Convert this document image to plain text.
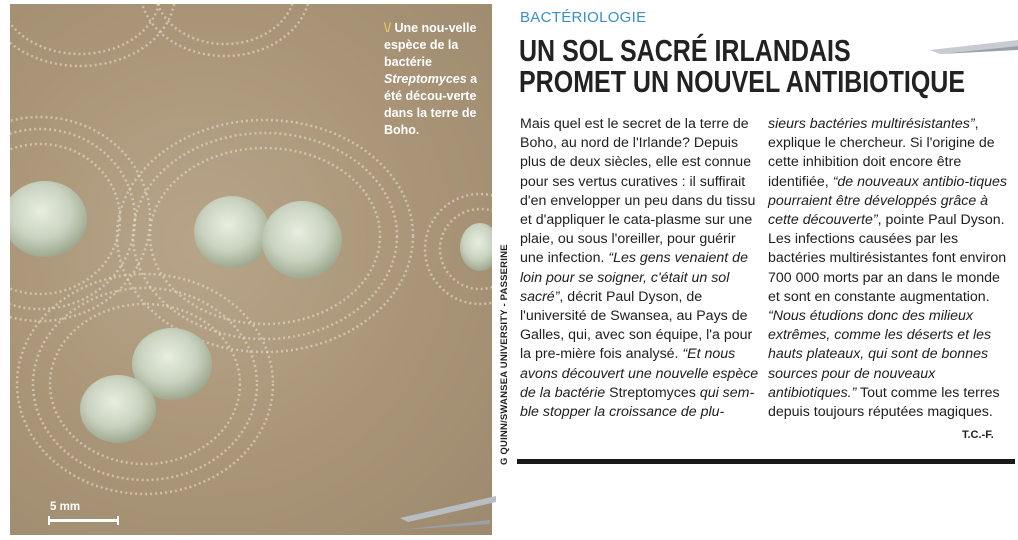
\/ Une nou-velle espèce de la bactérie Streptomyces a été décou-verte dans la terre de Boho.
5 mm
G QUINN/SWANSEA UNIVERSITY - PASSERINE
BACTÉRIOLOGIE
UN SOL SACRÉ IRLANDAIS
PROMET UN NOUVEL ANTIBIOTIQUE

Mais quel est le secret de la terre de Boho, au nord de l'Irlande? Depuis plus de deux siècles, elle est connue pour ses vertus curatives : il suffirait d'en envelopper un peu dans du tissu et d'appliquer le cata-plasme sur une plaie, ou sous l'oreiller, pour guérir une infection. “Les gens venaient de loin pour se soigner, c'était un sol sacré”, décrit Paul Dyson, de l'université de Swansea, au Pays de Galles, qui, avec son équipe, l'a pour la pre-mière fois analysé. “Et nous avons découvert une nouvelle espèce de la bactérie Streptomyces qui sem-ble stopper la croissance de plu-

sieurs bactéries multirésistantes”, explique le chercheur. Si l'origine de cette inhibition doit encore être identifiée, “de nouveaux antibio-tiques pourraient être développés grâce à cette découverte”, pointe Paul Dyson. Les infections causées par les bactéries multirésistantes font environ 700 000 morts par an dans le monde et sont en constante augmentation. “Nous étudions donc des milieux extrêmes, comme les déserts et les hauts plateaux, qui sont de bonnes sources pour de nouveaux antibiotiques.” Tout comme les terres depuis toujours réputées magiques.

T.C.-F.
